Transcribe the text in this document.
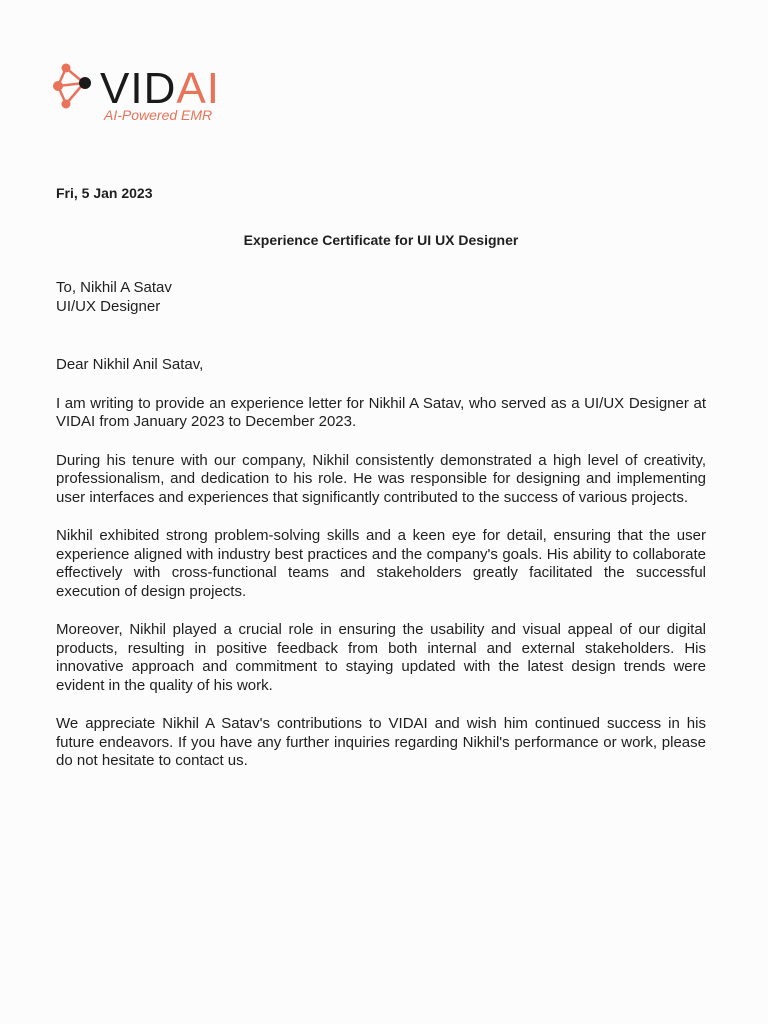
VIDAI
AI-Powered EMR

Fri, 5 Jan 2023

Experience Certificate for UI UX Designer

To, Nikhil A Satav

UI/UX Designer

Dear Nikhil Anil Satav,

I am writing to provide an experience letter for Nikhil A Satav, who served as a UI/UX Designer at VIDAI from January 2023 to December 2023.

During his tenure with our company, Nikhil consistently demonstrated a high level of creativity, professionalism, and dedication to his role. He was responsible for designing and implementing user interfaces and experiences that significantly contributed to the success of various projects.

Nikhil exhibited strong problem-solving skills and a keen eye for detail, ensuring that the user experience aligned with industry best practices and the company's goals. His ability to collaborate effectively with cross-functional teams and stakeholders greatly facilitated the successful execution of design projects.

Moreover, Nikhil played a crucial role in ensuring the usability and visual appeal of our digital products, resulting in positive feedback from both internal and external stakeholders. His innovative approach and commitment to staying updated with the latest design trends were evident in the quality of his work.

We appreciate Nikhil A Satav's contributions to VIDAI and wish him continued success in his future endeavors. If you have any further inquiries regarding Nikhil's performance or work, please do not hesitate to contact us.
